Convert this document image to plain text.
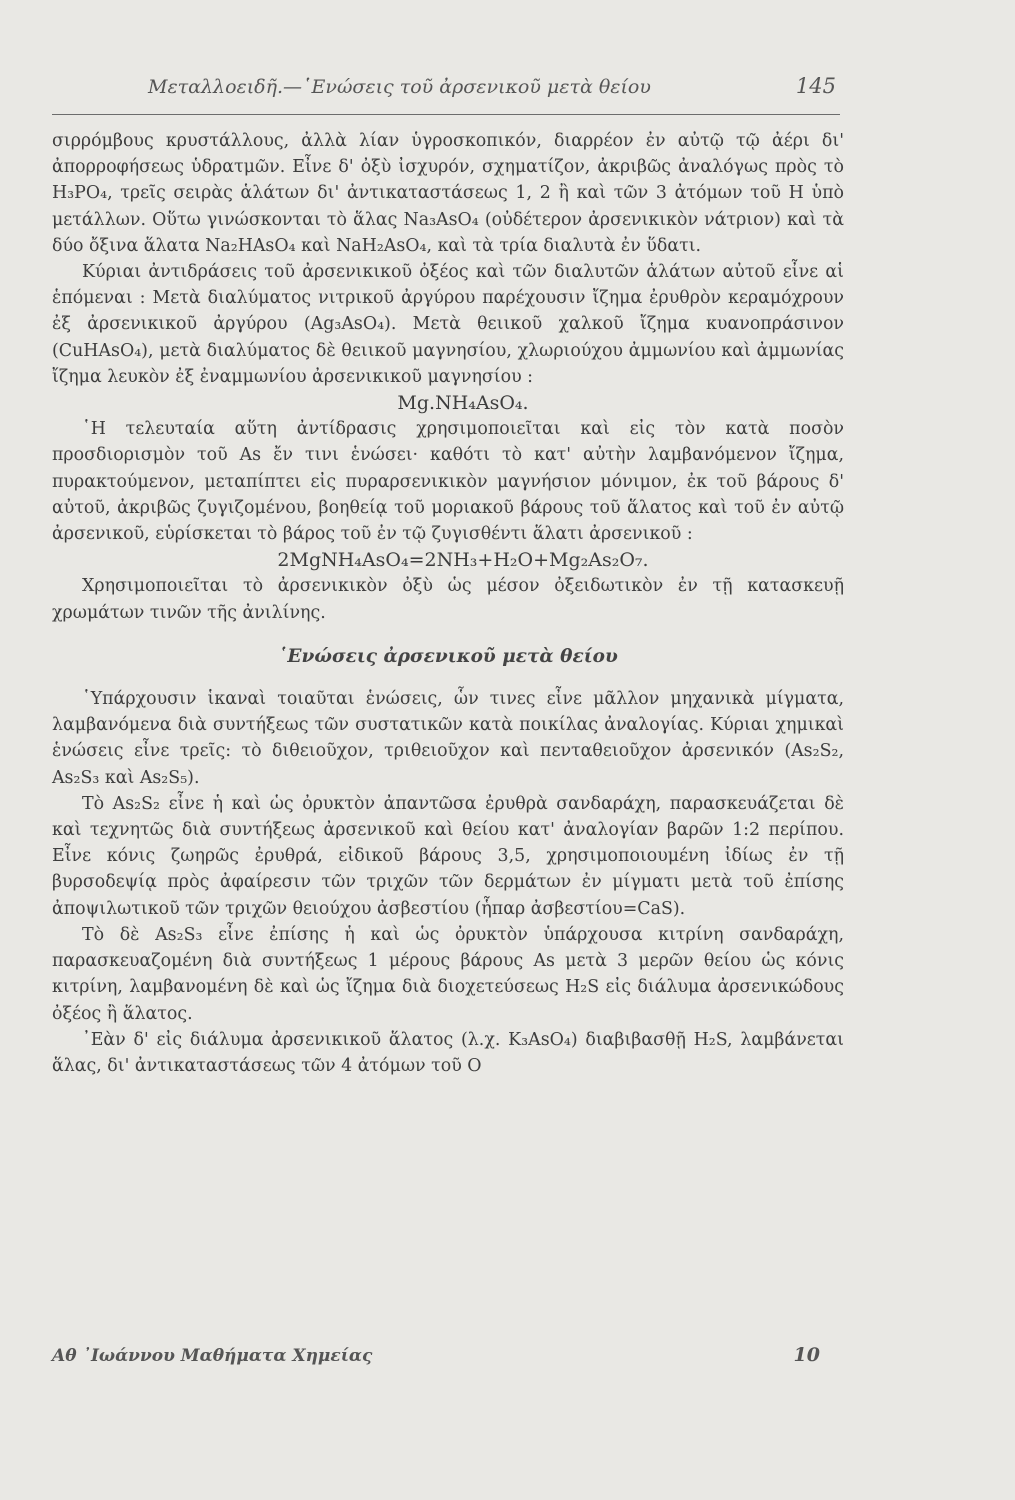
Μεταλλοειδῆ.—῾Ενώσεις τοῦ ἀρσενικοῦ μετὰ θείου	145

σιρρόμβους κρυστάλλους, ἀλλὰ λίαν ὑγροσκοπικόν, διαρρέον ἐν αὐτῷ τῷ ἀέρι δι' ἀπορροφήσεως ὑδρατμῶν. Εἶνε δ' ὀξὺ ἰσχυρόν, σχηματίζον, ἀκριβῶς ἀναλόγως πρὸς τὸ H₃PO₄, τρεῖς σειρὰς ἁλάτων δι' ἀντικαταστάσεως 1, 2 ἢ καὶ τῶν 3 ἀτόμων τοῦ H ὑπὸ μετάλλων. Οὕτω γινώσκονται τὸ ἅλας Na₃AsO₄ (οὐδέτερον ἀρσενικικὸν νάτριον) καὶ τὰ δύο ὄξινα ἅλατα Na₂HAsO₄ καὶ NaH₂AsO₄, καὶ τὰ τρία διαλυτὰ ἐν ὕδατι.

Κύριαι ἀντιδράσεις τοῦ ἀρσενικικοῦ ὀξέος καὶ τῶν διαλυτῶν ἁλάτων αὐτοῦ εἶνε αἱ ἑπόμεναι : Μετὰ διαλύματος νιτρικοῦ ἀργύρου παρέχουσιν ἴζημα ἐρυθρὸν κεραμόχρουν ἐξ ἀρσενικικοῦ ἀργύρου (Ag₃AsO₄). Μετὰ θειικοῦ χαλκοῦ ἴζημα κυανοπράσινον (CuHAsO₄), μετὰ διαλύματος δὲ θειικοῦ μαγνησίου, χλωριούχου ἀμμωνίου καὶ ἀμμωνίας ἴζημα λευκὸν ἐξ ἐναμμωνίου ἀρσενικικοῦ μαγνησίου :

Mg.NH₄AsO₄.

῾Η τελευταία αὕτη ἀντίδρασις χρησιμοποιεῖται καὶ εἰς τὸν κατὰ ποσὸν προσδιορισμὸν τοῦ As ἔν τινι ἑνώσει· καθότι τὸ κατ' αὐτὴν λαμβανόμενον ἴζημα, πυρακτούμενον, μεταπίπτει εἰς πυραρσενικικὸν μαγνήσιον μόνιμον, ἐκ τοῦ βάρους δ' αὐτοῦ, ἀκριβῶς ζυγιζομένου, βοηθείᾳ τοῦ μοριακοῦ βάρους τοῦ ἅλατος καὶ τοῦ ἐν αὐτῷ ἀρσενικοῦ, εὑρίσκεται τὸ βάρος τοῦ ἐν τῷ ζυγισθέντι ἅλατι ἀρσενικοῦ :

2MgNH₄AsO₄=2NH₃+H₂O+Mg₂As₂O₇.

Χρησιμοποιεῖται τὸ ἀρσενικικὸν ὀξὺ ὡς μέσον ὀξειδωτικὸν ἐν τῇ κατασκευῇ χρωμάτων τινῶν τῆς ἀνιλίνης.

῾Ενώσεις ἀρσενικοῦ μετὰ θείου

῾Υπάρχουσιν ἱκαναὶ τοιαῦται ἑνώσεις, ὧν τινες εἶνε μᾶλλον μηχανικὰ μίγματα, λαμβανόμενα διὰ συντήξεως τῶν συστατικῶν κατὰ ποικίλας ἀναλογίας. Κύριαι χημικαὶ ἑνώσεις εἶνε τρεῖς: τὸ διθειοῦχον, τριθειοῦχον καὶ πενταθειοῦχον ἀρσενικόν (As₂S₂, As₂S₃ καὶ As₂S₅).

Τὸ As₂S₂ εἶνε ἡ καὶ ὡς ὀρυκτὸν ἀπαντῶσα ἐρυθρὰ σανδαράχη, παρασκευάζεται δὲ καὶ τεχνητῶς διὰ συντήξεως ἀρσενικοῦ καὶ θείου κατ' ἀναλογίαν βαρῶν 1:2 περίπου. Εἶνε κόνις ζωηρῶς ἐρυθρά, εἰδικοῦ βάρους 3,5, χρησιμοποιουμένη ἰδίως ἐν τῇ βυρσοδεψίᾳ πρὸς ἀφαίρεσιν τῶν τριχῶν τῶν δερμάτων ἐν μίγματι μετὰ τοῦ ἐπίσης ἀποψιλωτικοῦ τῶν τριχῶν θειούχου ἀσβεστίου (ἧπαρ ἀσβεστίου=CaS).

Τὸ δὲ As₂S₃ εἶνε ἐπίσης ἡ καὶ ὡς ὀρυκτὸν ὑπάρχουσα κιτρίνη σανδαράχη, παρασκευαζομένη διὰ συντήξεως 1 μέρους βάρους As μετὰ 3 μερῶν θείου ὡς κόνις κιτρίνη, λαμβανομένη δὲ καὶ ὡς ἴζημα διὰ διοχετεύσεως H₂S εἰς διάλυμα ἀρσενικώδους ὀξέος ἢ ἅλατος.

᾿Εὰν δ' εἰς διάλυμα ἀρσενικικοῦ ἅλατος (λ.χ. K₃AsO₄) διαβιβασθῇ H₂S, λαμβάνεται ἅλας, δι' ἀντικαταστάσεως τῶν 4 ἀτόμων τοῦ O

Αθ ᾿Ιωάννου Μαθήματα Χημείας	10
